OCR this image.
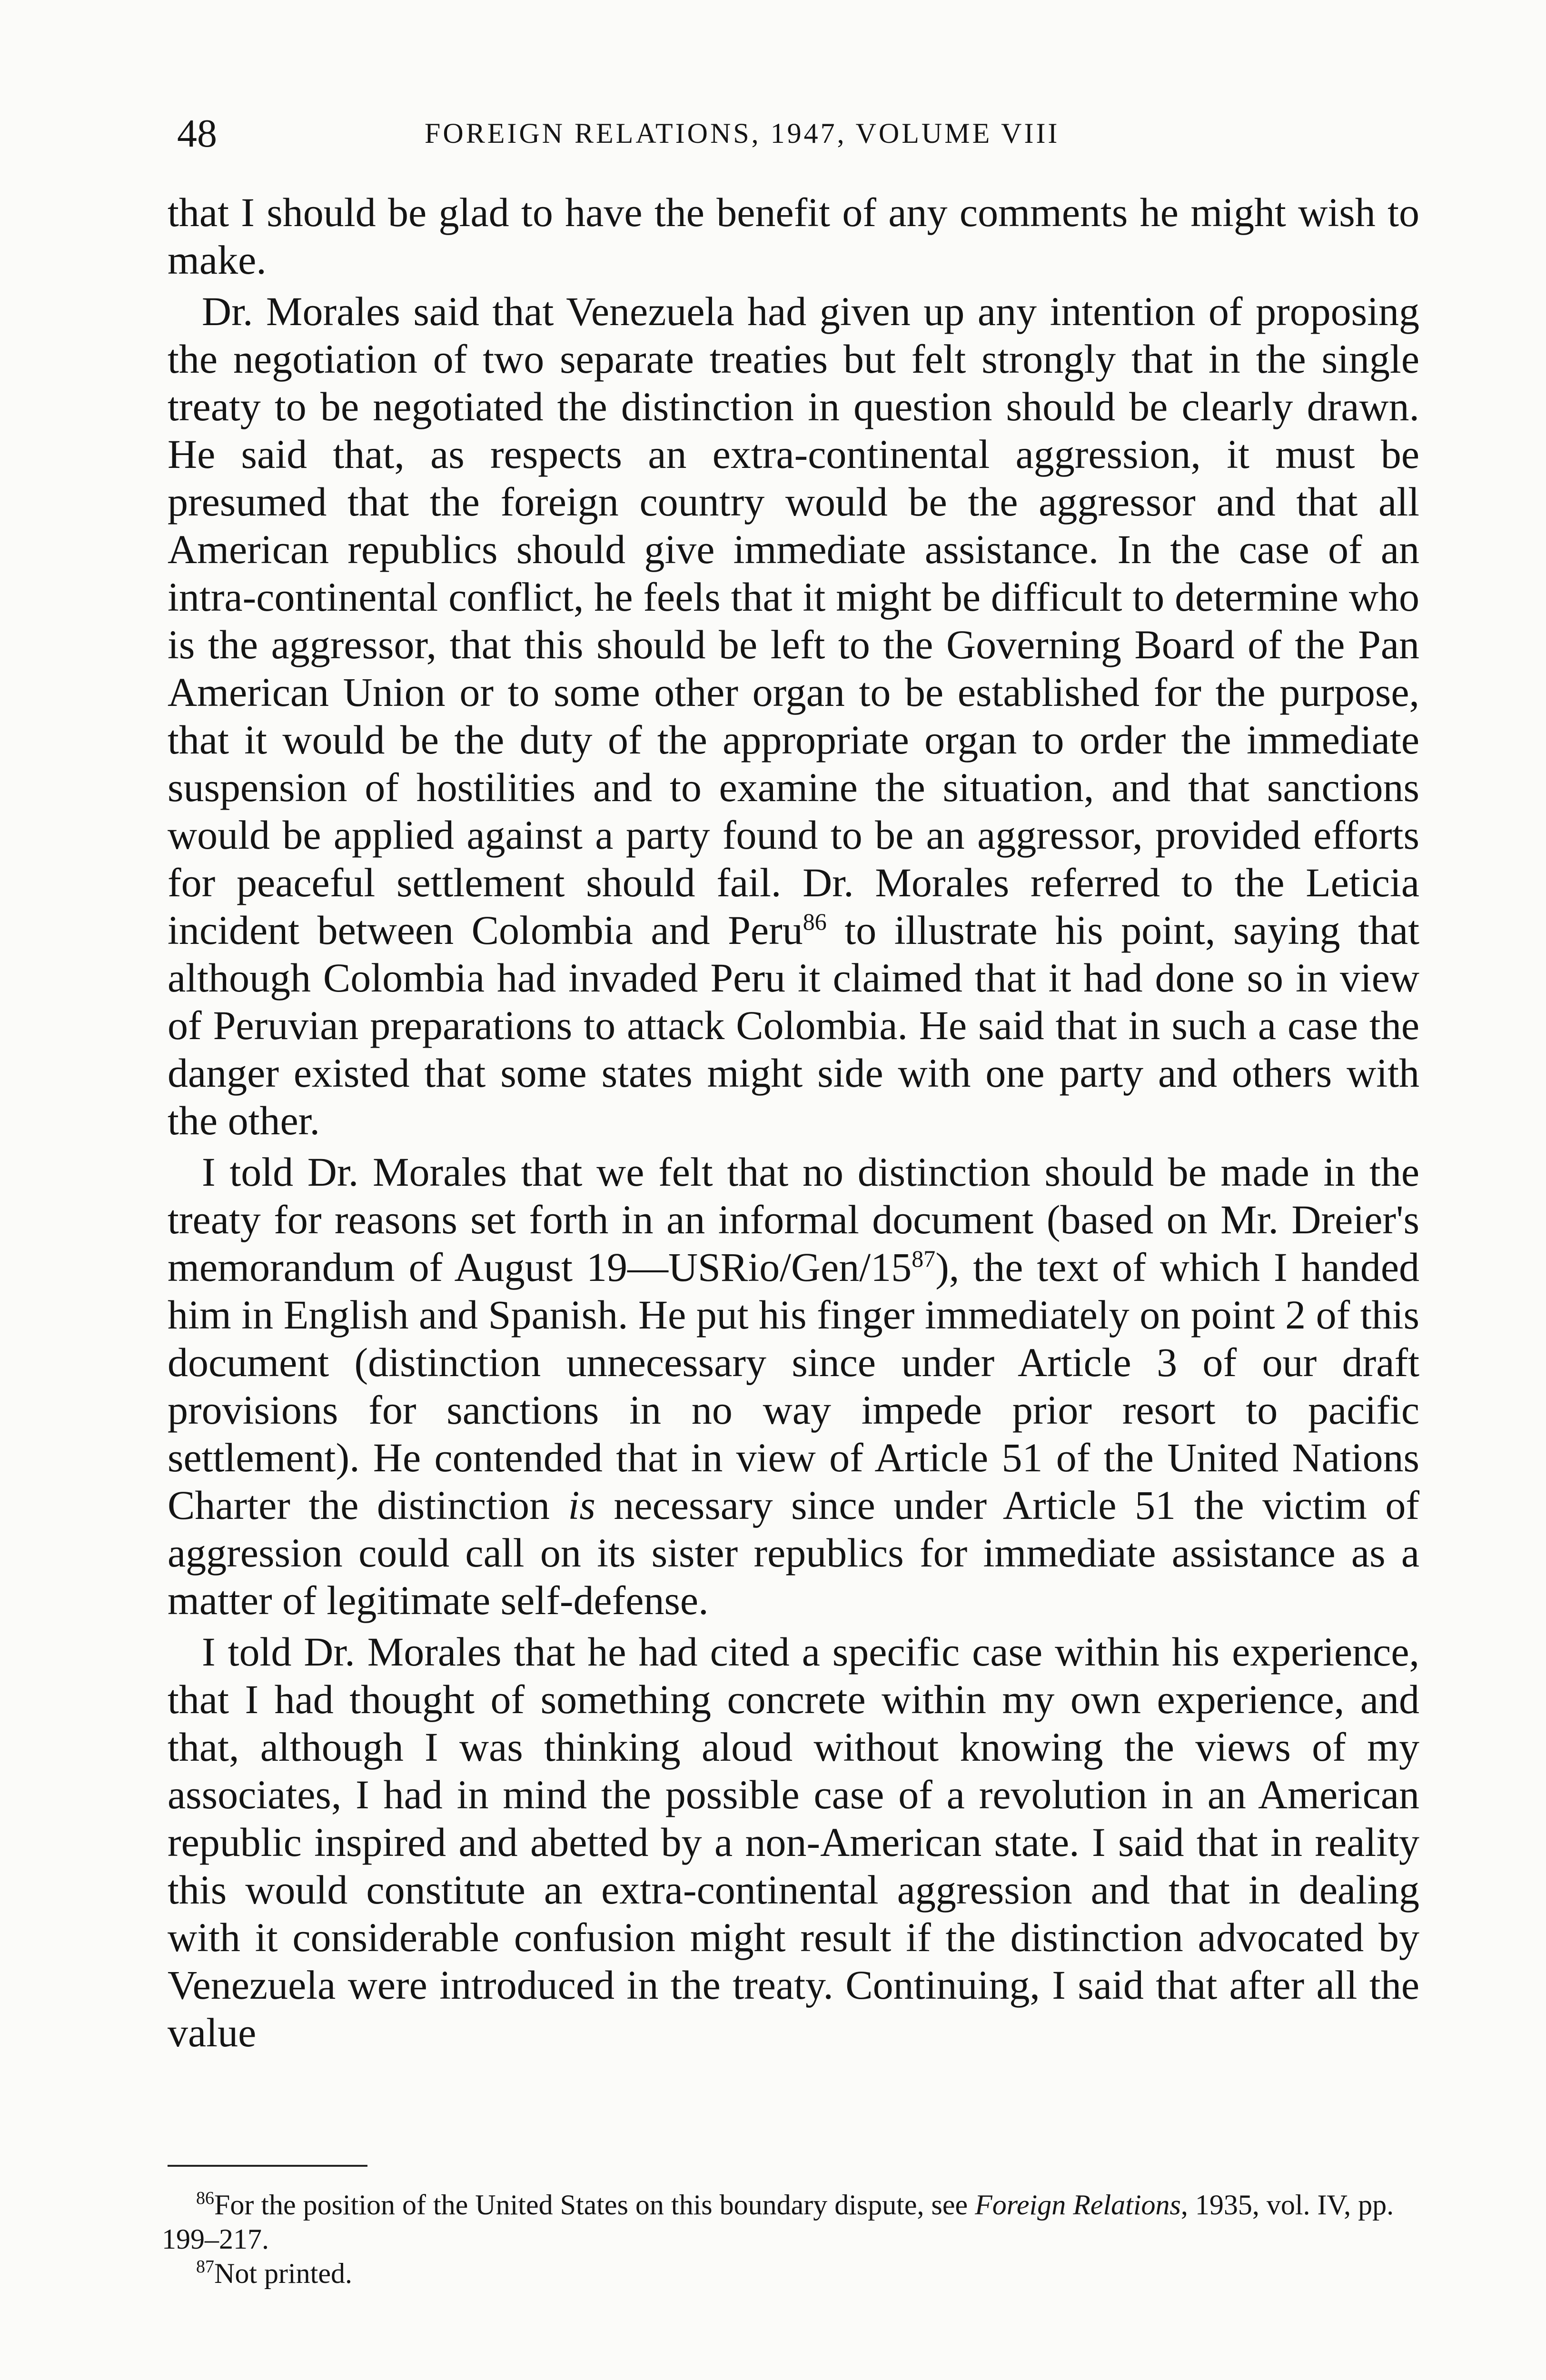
48	FOREIGN RELATIONS, 1947, VOLUME VIII

that I should be glad to have the benefit of any comments he might wish to make.

Dr. Morales said that Venezuela had given up any intention of proposing the negotiation of two separate treaties but felt strongly that in the single treaty to be negotiated the distinction in question should be clearly drawn. He said that, as respects an extra-continental aggression, it must be presumed that the foreign country would be the aggressor and that all American republics should give immediate assistance. In the case of an intra-continental conflict, he feels that it might be difficult to determine who is the aggressor, that this should be left to the Governing Board of the Pan American Union or to some other organ to be established for the purpose, that it would be the duty of the appropriate organ to order the immediate suspension of hostilities and to examine the situation, and that sanctions would be applied against a party found to be an aggressor, provided efforts for peaceful settlement should fail. Dr. Morales referred to the Leticia incident between Colombia and Peru$^{86}$ to illustrate his point, saying that although Colombia had invaded Peru it claimed that it had done so in view of Peruvian preparations to attack Colombia. He said that in such a case the danger existed that some states might side with one party and others with the other.

I told Dr. Morales that we felt that no distinction should be made in the treaty for reasons set forth in an informal document (based on Mr. Dreier's memorandum of August $19—USRio/Gen/15^{87}$), the text of which I handed him in English and Spanish. He put his finger immediately on point 2 of this document (distinction unnecessary since under Article 3 of our draft provisions for sanctions in no way impede prior resort to pacific settlement). He contended that in view of Article 51 of the United Nations Charter the distinction is necessary since under Article 51 the victim of aggression could call on its sister republics for immediate assistance as a matter of legitimate self-defense.

I told Dr. Morales that he had cited a specific case within his experience, that I had thought of something concrete within my own experience, and that, although I was thinking aloud without knowing the views of my associates, I had in mind the possible case of a revolution in an American republic inspired and abetted by a non-American state. I said that in reality this would constitute an extra-continental aggression and that in dealing with it considerable confusion might result if the distinction advocated by Venezuela were introduced in the treaty. Continuing, I said that after all the value

$^{86}$For the position of the United States on this boundary dispute, see Foreign Relations, 1935, vol. IV, pp. 199–217.

$^{87}$Not printed.
